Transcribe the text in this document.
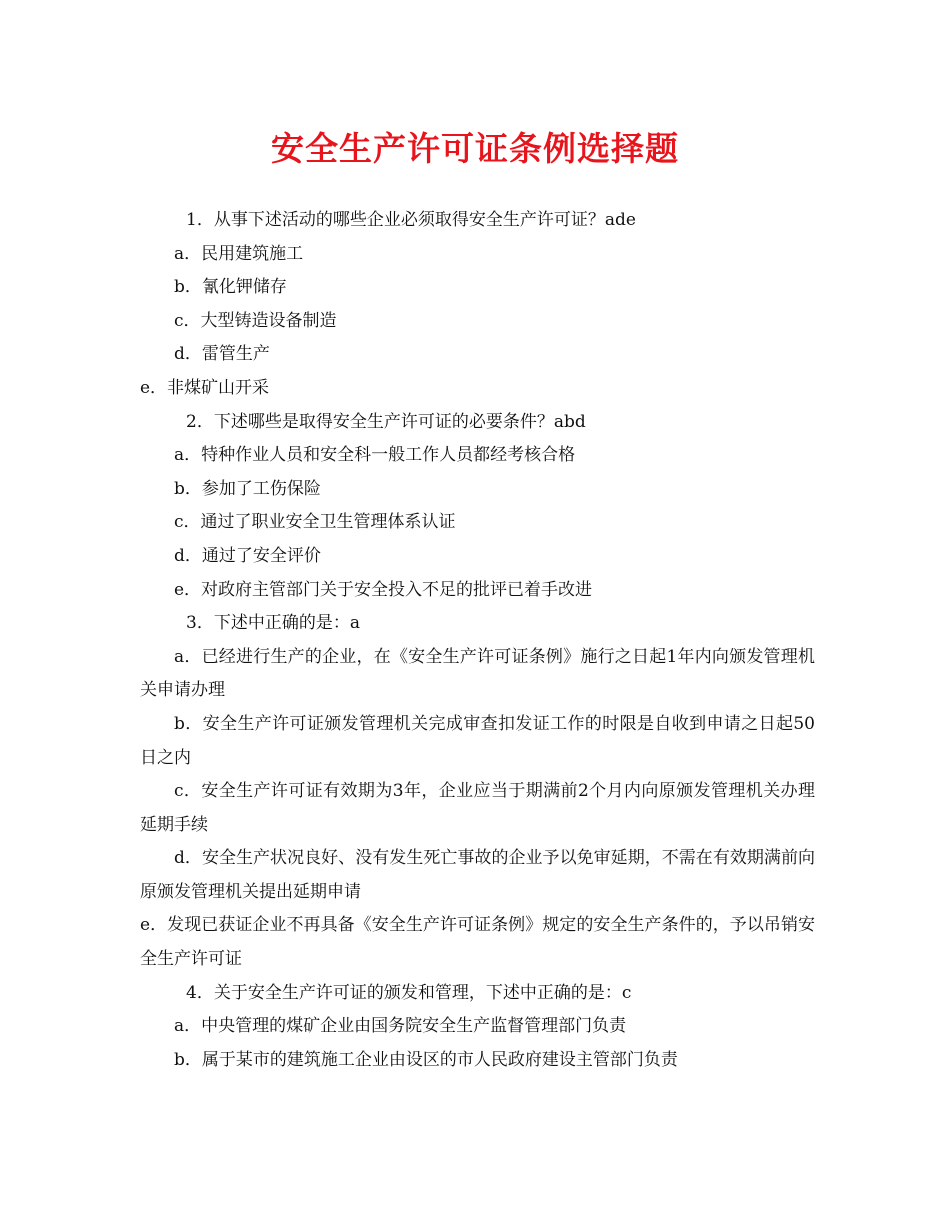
安全生产许可证条例选择题
1．从事下述活动的哪些企业必须取得安全生产许可证？ade
a．民用建筑施工
b．氰化钾储存
c．大型铸造设备制造
d．雷管生产
e．非煤矿山开采
2．下述哪些是取得安全生产许可证的必要条件？abd
a．特种作业人员和安全科一般工作人员都经考核合格
b．参加了工伤保险
c．通过了职业安全卫生管理体系认证
d．通过了安全评价
e．对政府主管部门关于安全投入不足的批评已着手改进
3．下述中正确的是：a
a．已经进行生产的企业，在《安全生产许可证条例》施行之日起1年内向颁发管理机关申请办理
b．安全生产许可证颁发管理机关完成审查扣发证工作的时限是自收到申请之日起50日之内
c．安全生产许可证有效期为3年，企业应当于期满前2个月内向原颁发管理机关办理延期手续
d．安全生产状况良好、没有发生死亡事故的企业予以免审延期，不需在有效期满前向原颁发管理机关提出延期申请
e．发现已获证企业不再具备《安全生产许可证条例》规定的安全生产条件的，予以吊销安全生产许可证
4．关于安全生产许可证的颁发和管理，下述中正确的是：c
a．中央管理的煤矿企业由国务院安全生产监督管理部门负责
b．属于某市的建筑施工企业由设区的市人民政府建设主管部门负责
